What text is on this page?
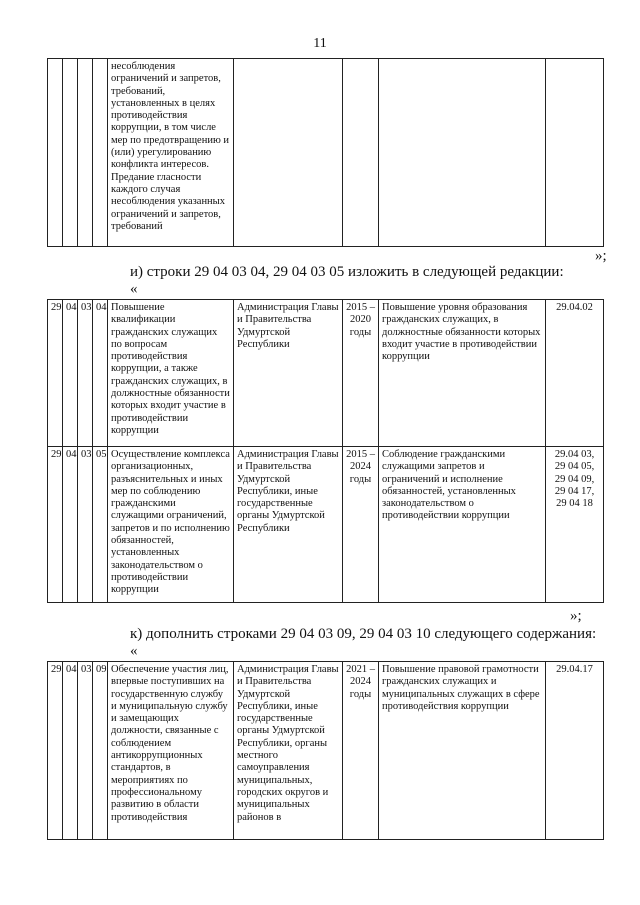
11
				несоблюдения ограничений и запретов, требований, установленных в целях противодействия коррупции, в том числе мер по предотвращению и (или) урегулированию конфликта интересов. Предание гласности каждого случая несоблюдения указанных ограничений и запретов, требований				
»;
и) строки 29 04 03 04, 29 04 03 05 изложить в следующей редакции:
«
29	04	03	04	Повышение квалификации гражданских служащих по вопросам противодействия коррупции, а также гражданских служащих, в должностные обязанности которых входит участие в противодействии коррупции	Администрация Главы и Правительства Удмуртской Республики	2015 – 2020 годы	Повышение уровня образования гражданских служащих, в должностные обязанности которых входит участие в противодействии коррупции	29.04.02
29	04	03	05	Осуществление комплекса организационных, разъяснительных и иных мер по соблюдению гражданскими служащими ограничений, запретов и по исполнению обязанностей, установленных законодательством о противодействии коррупции	Администрация Главы и Правительства Удмуртской Республики, иные государственные органы Удмуртской Республики	2015 – 2024 годы	Соблюдение гражданскими служащими запретов и ограничений и исполнение обязанностей, установленных законодательством о противодействии коррупции	29.04 03, 29 04 05, 29 04 09, 29 04 17, 29 04 18
»;
к) дополнить строками 29 04 03 09, 29 04 03 10 следующего содержания:
«
29	04	03	09	Обеспечение участия лиц, впервые поступивших на государственную службу и муниципальную службу и замещающих должности, связанные с соблюдением антикоррупционных стандартов, в мероприятиях по профессиональному развитию в области противодействия	Администрация Главы и Правительства Удмуртской Республики, иные государственные органы Удмуртской Республики, органы местного самоуправления муниципальных, городских округов и муниципальных районов в	2021 – 2024 годы	Повышение правовой грамотности гражданских служащих и муниципальных служащих в сфере противодействия коррупции	29.04.17
